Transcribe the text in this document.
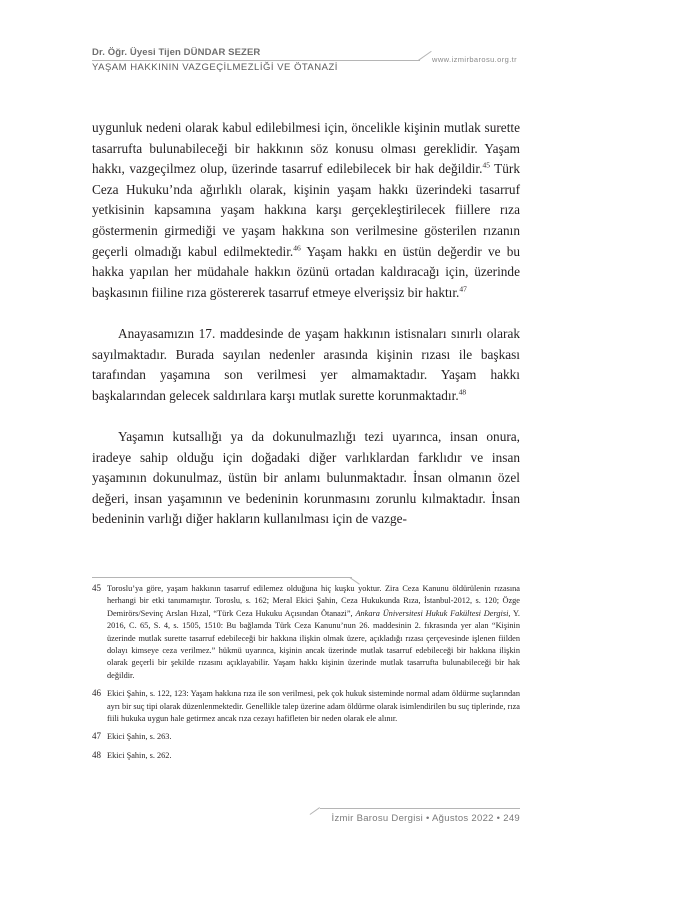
Dr. Öğr. Üyesi Tijen DÜNDAR SEZER
www.izmirbarosu.org.tr
YAŞAM HAKKININ VAZGEÇİLMEZLİĞİ VE ÖTANAZİ

uygunluk nedeni olarak kabul edilebilmesi için, öncelikle kişinin mutlak surette tasarrufta bulunabileceği bir hakkının söz konusu olması gereklidir. Yaşam hakkı, vazgeçilmez olup, üzerinde tasarruf edilebilecek bir hak değildir.$^{45}$ Türk Ceza Hukuku’nda ağırlıklı olarak, kişinin yaşam hakkı üzerindeki tasarruf yetkisinin kapsamına yaşam hakkına karşı gerçekleştirilecek fiillere rıza göstermenin girmediği ve yaşam hakkına son verilmesine gösterilen rızanın geçerli olmadığı kabul edilmektedir.$^{46}$ Yaşam hakkı en üstün değerdir ve bu hakka yapılan her müdahale hakkın özünü ortadan kaldıracağı için, üzerinde başkasının fiiline rıza göstererek tasarruf etmeye elverişsiz bir haktır.$^{47}$

Anayasamızın 17. maddesinde de yaşam hakkının istisnaları sınırlı olarak sayılmaktadır. Burada sayılan nedenler arasında kişinin rızası ile başkası tarafından yaşamına son verilmesi yer almamaktadır. Yaşam hakkı başkalarından gelecek saldırılara karşı mutlak surette korunmaktadır.$^{48}$

Yaşamın kutsallığı ya da dokunulmazlığı tezi uyarınca, insan onura, iradeye sahip olduğu için doğadaki diğer varlıklardan farklıdır ve insan yaşamının dokunulmaz, üstün bir anlamı bulunmaktadır. İnsan olmanın özel değeri, insan yaşamının ve bedeninin korunmasını zorunlu kılmaktadır. İnsan bedeninin varlığı diğer hakların kullanılması için de vazge-

45 Toroslu’ya göre, yaşam hakkının tasarruf edilemez olduğuna hiç kuşku yoktur. Zira Ceza Kanunu öldürülenin rızasına herhangi bir etki tanımamıştır. Toroslu, s. 162; Meral Ekici Şahin, Ceza Hukukunda Rıza, İstanbul-2012, s. 120; Özge Demirörs/Sevinç Arslan Hızal, “Türk Ceza Hukuku Açısından Ötanazi”, Ankara Üniversitesi Hukuk Fakültesi Dergisi, Y. 2016, C. 65, S. 4, s. 1505, 1510: Bu bağlamda Türk Ceza Kanunu’nun 26. maddesinin 2. fıkrasında yer alan “Kişinin üzerinde mutlak surette tasarruf edebileceği bir hakkına ilişkin olmak üzere, açıkladığı rızası çerçevesinde işlenen fiilden dolayı kimseye ceza verilmez.” hükmü uyarınca, kişinin ancak üzerinde mutlak tasarruf edebileceği bir hakkına ilişkin olarak geçerli bir şekilde rızasını açıklayabilir. Yaşam hakkı kişinin üzerinde mutlak tasarrufta bulunabileceği bir hak değildir.
46 Ekici Şahin, s. 122, 123: Yaşam hakkına rıza ile son verilmesi, pek çok hukuk sisteminde normal adam öldürme suçlarından ayrı bir suç tipi olarak düzenlenmektedir. Genellikle talep üzerine adam öldürme olarak isimlendirilen bu suç tiplerinde, rıza fiili hukuka uygun hale getirmez ancak rıza cezayı hafifleten bir neden olarak ele alınır.
47 Ekici Şahin, s. 263.
48 Ekici Şahin, s. 262.
İzmir Barosu Dergisi • Ağustos 2022 • 249
